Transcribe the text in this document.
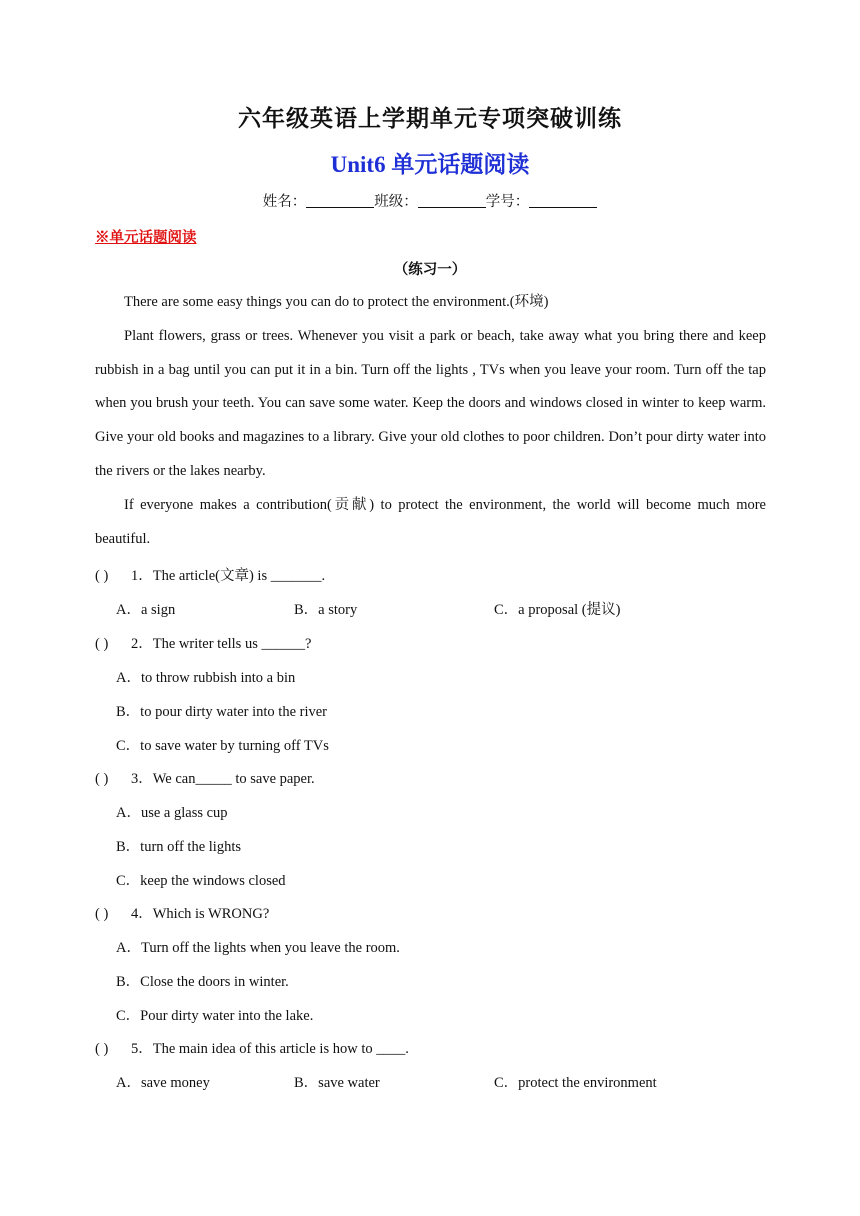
六年级英语上学期单元专项突破训练
Unit6 单元话题阅读
姓名：	班级：	学号：
※单元话题阅读
（练习一）

There are some easy things you can do to protect the environment.(环境)

Plant flowers, grass or trees. Whenever you visit a park or beach, take away what you bring there and keep rubbish in a bag until you can put it in a bin. Turn off the lights , TVs when you leave your room. Turn off the tap when you brush your teeth. You can save some water. Keep the doors and windows closed in winter to keep warm. Give your old books and magazines to a library. Give your old clothes to poor children. Don’t pour dirty water into the rivers or the lakes nearby.

If everyone makes a contribution(贡献) to protect the environment, the world will become much more beautiful.

( ) 1．The article(文章) is _______.
A．a sign	B．a story	C．a proposal (提议)
( ) 2．The writer tells us ______?
A．to throw rubbish into a bin
B．to pour dirty water into the river
C．to save water by turning off TVs
( ) 3．We can_____ to save paper.
A．use a glass cup
B．turn off the lights
C．keep the windows closed
( ) 4．Which is WRONG?
A．Turn off the lights when you leave the room.
B．Close the doors in winter.
C．Pour dirty water into the lake.
( ) 5．The main idea of this article is how to ____.
A．save money	B．save water	C．protect the environment
